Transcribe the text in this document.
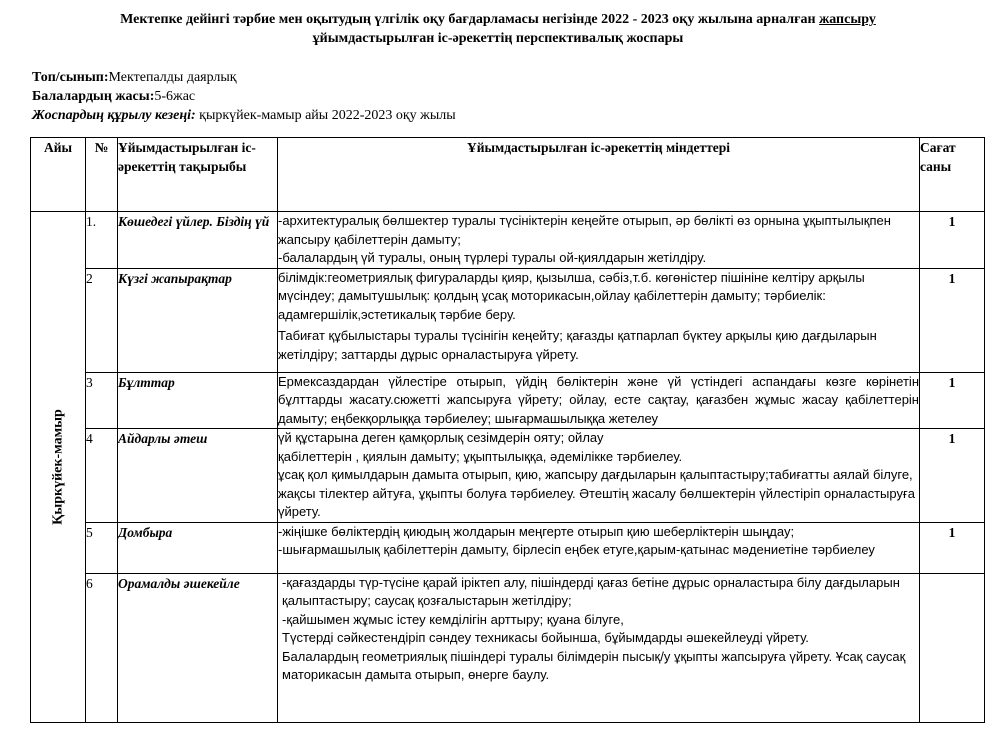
Мектепке дейінгі тәрбие мен оқытудың үлгілік оқу бағдарламасы негізінде 2022 - 2023 оқу жылына арналған жапсыру
ұйымдастырылған іс-әрекеттің перспективалық жоспары
Топ/сынып:Мектепалды даярлық
Балалардың жасы:5-6жас
Жоспардың құрылу кезеңі: қыркүйек-мамыр айы 2022-2023 оқу жылы
Айы	№	Ұйымдастырылған іс-әрекеттің тақырыбы	Ұйымдастырылған іс-әрекеттің міндеттері	Сағат саны

Қыркүйек-мамыр	1.	Көшедегі үйлер. Біздің үй	-архитектуралық бөлшектер туралы түсініктерін кеңейте отырып, әр бөлікті өз орнына ұқыптылықпен жапсыру қабілеттерін дамыту;
-балалардың үй туралы, оның түрлері туралы ой-қиялдарын жетілдіру.	1
	2	Күзгі жапырақтар	білімдік:геометриялық фигураларды қияр, қызылша, сәбіз,т.б. көгөністер пішініне келтіру арқылы мүсіндеу; дамытушылық: қолдың ұсақ моторикасын,ойлау қабілеттерін дамыту; тәрбиелік: адамгершілік,эстетикалық тәрбие беру.
Табиғат құбылыстары туралы түсінігін кеңейту; қағазды қатпарлап бүктеу арқылы қию дағдыларын жетілдіру; заттарды дұрыс орналастыруға үйрету.	1
	3	Бұлттар	Ермексаздардан үйлестіре отырып, үйдің бөліктерін және үй үстіндегі аспандағы көзге көрінетін бұлттарды жасату.сюжетті жапсыруға үйрету; ойлау, есте сақтау, қағазбен жұмыс жасау қабілеттерін дамыту; еңбекқорлыққа тәрбиелеу; шығармашылыққа жетелеу	1
	4	Айдарлы әтеш	үй құстарына деген қамқорлық сезімдерін ояту; ойлау
қабілеттерін , қиялын дамыту; ұқыптылыққа, әдемілікке тәрбиелеу.
ұсақ қол қимылдарын дамыта отырып, қию, жапсыру дағдыларын қалыптастыру;табиғатты аялай білуге, жақсы тілектер айтуға, ұқыпты болуға тәрбиелеу. Әтештің жасалу бөлшектерін үйлестіріп орналастыруға үйрету.	1
	5	Домбыра	-жіңішке бөліктердің қиюдың жолдарын меңгерте отырып қию шеберліктерін шыңдау;
-шығармашылық қабілеттерін дамыту, бірлесіп еңбек етуге,қарым-қатынас мәдениетіне тәрбиелеу	1
	6	Орамалды әшекейле	-қағаздарды түр-түсіне қарай іріктеп алу, пішіндерді қағаз бетіне дұрыс орналастыра білу дағдыларын
қалыптастыру; саусақ қозғалыстарын жетілдіру;
-қайшымен жұмыс істеу кемділігін арттыру; қуана білуге,
Түстерді сәйкестендіріп сәндеу техникасы бойынша, бұйымдарды әшекейлеуді үйрету.
Балалардың геометриялық пішіндері туралы білімдерін пысық/у ұқыпты жапсыруға үйрету. Ұсақ саусақ маторикасын дамыта отырып, өнерге баулу.	
